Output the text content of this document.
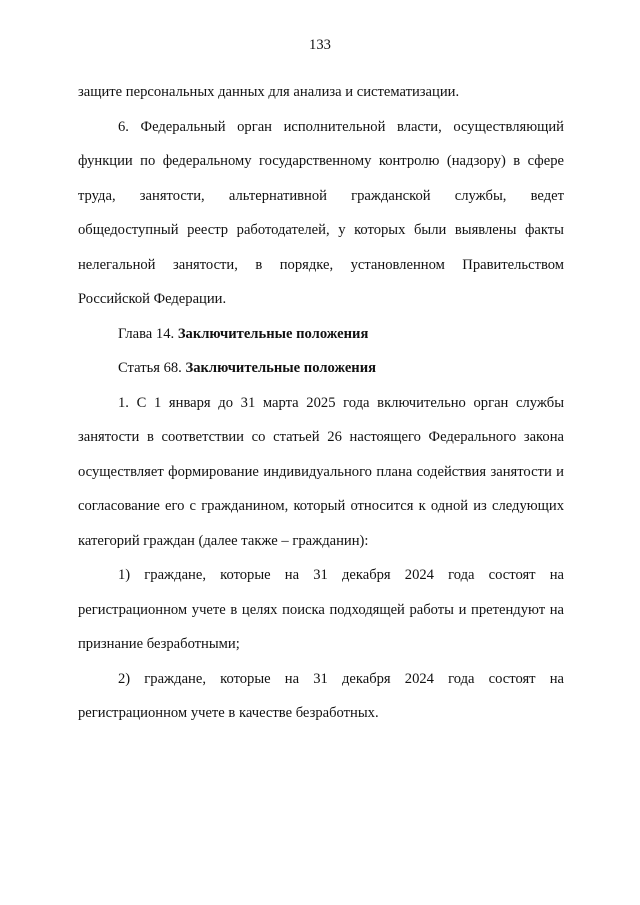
133

защите персональных данных для анализа и систематизации.

6. Федеральный орган исполнительной власти, осуществляющий функции по федеральному государственному контролю (надзору) в сфере труда, занятости, альтернативной гражданской службы, ведет общедоступный реестр работодателей, у которых были выявлены факты нелегальной занятости, в порядке, установленном Правительством Российской Федерации.

Глава 14. Заключительные положения

Статья 68. Заключительные положения

1. С 1 января до 31 марта 2025 года включительно орган службы занятости в соответствии со статьей 26 настоящего Федерального закона осуществляет формирование индивидуального плана содействия занятости и согласование его с гражданином, который относится к одной из следующих категорий граждан (далее также – гражданин):

1) граждане, которые на 31 декабря 2024 года состоят на регистрационном учете в целях поиска подходящей работы и претендуют на признание безработными;

2) граждане, которые на 31 декабря 2024 года состоят на регистрационном учете в качестве безработных.
